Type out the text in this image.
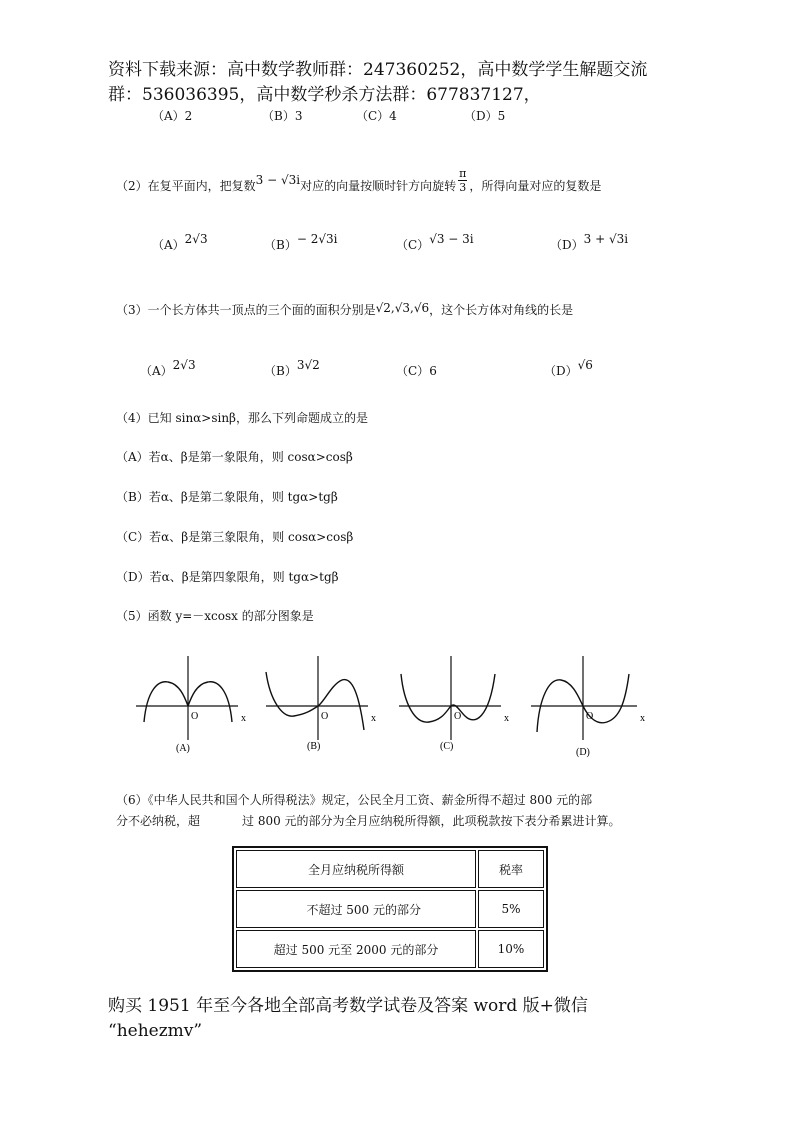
资料下载来源：高中数学教师群：247360252，高中数学学生解题交流
群：536036395，高中数学秒杀方法群：677837127，
（A）2	（B）3	（C）4	（D）5
（2）在复平面内，把复数3 − √3i对应的向量按顺时针方向旋转 $\frac{\pi}{3}$ ，所得向量对应的复数是
（A）2√3	（B）− 2√3i	（C）√3 − 3i	（D）3 + √3i
（3）一个长方体共一顶点的三个面的面积分别是√2,√3,√6，这个长方体对角线的长是
（A）2√3	（B）3√2	（C）6	（D）√6
（4）已知 sinα>sinβ，那么下列命题成立的是
（A）若α、β是第一象限角，则 cosα>cosβ
（B）若α、β是第二象限角，则 tgα>tgβ
（C）若α、β是第三象限角，则 cosα>cosβ
（D）若α、β是第四象限角，则 tgα>tgβ
（5）函数 y=－xcosx 的部分图象是
O	x
(A)
O	x
(B)
O	x
(C)
O	x
(D)
（6）《中华人民共和国个人所得税法》规定，公民全月工资、薪金所得不超过 800 元的部
分不必纳税，超	过 800 元的部分为全月应纳税所得额，此项税款按下表分希累进计算。
全月应纳税所得额	税率
不超过 500 元的部分	5%
超过 500 元至 2000 元的部分	10%
购买 1951 年至今各地全部高考数学试卷及答案 word 版+微信
“hehezmv”
